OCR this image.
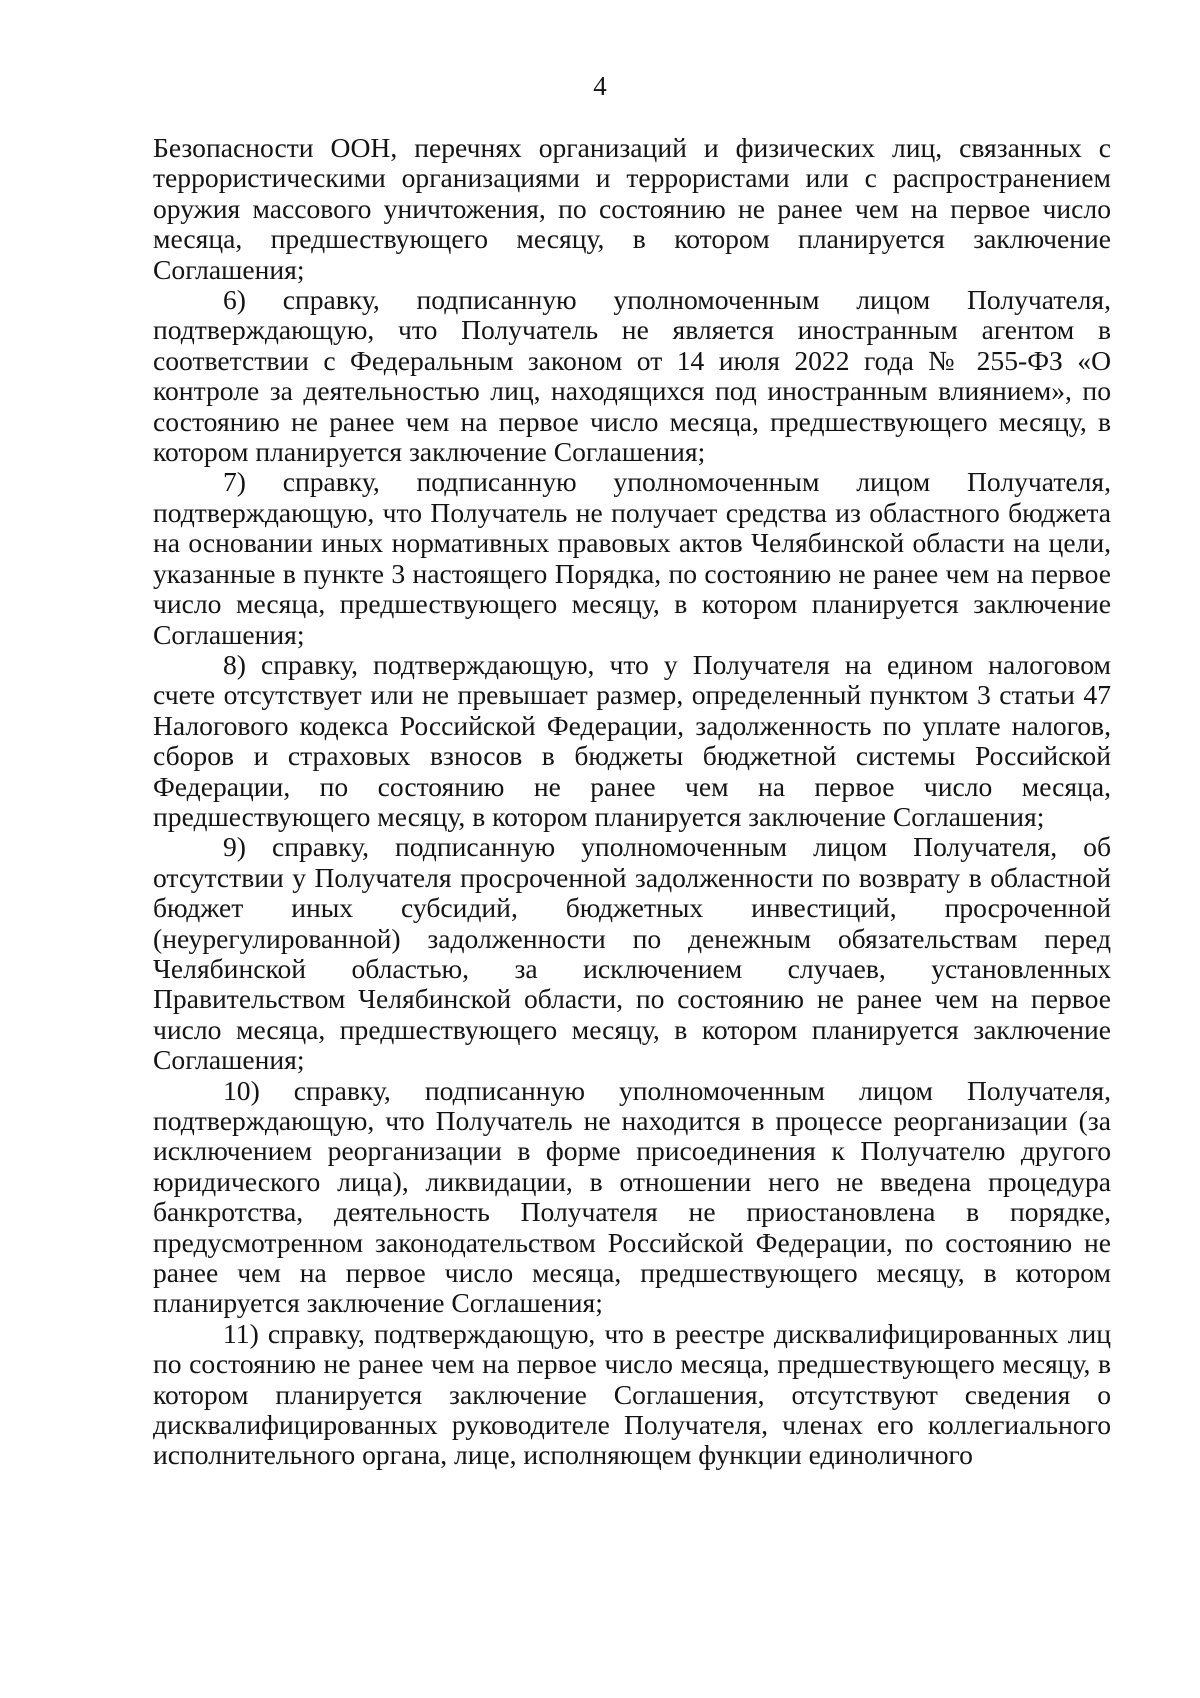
4

Безопасности ООН, перечнях организаций и физических лиц, связанных с террористическими организациями и террористами или с распространением оружия массового уничтожения, по состоянию не ранее чем на первое число месяца, предшествующего месяцу, в котором планируется заключение Соглашения;

6) справку, подписанную уполномоченным лицом Получателя, подтверждающую, что Получатель не является иностранным агентом в соответствии с Федеральным законом от 14 июля 2022 года № 255-ФЗ «О контроле за деятельностью лиц, находящихся под иностранным влиянием», по состоянию не ранее чем на первое число месяца, предшествующего месяцу, в котором планируется заключение Соглашения;

7) справку, подписанную уполномоченным лицом Получателя, подтверждающую, что Получатель не получает средства из областного бюджета на основании иных нормативных правовых актов Челябинской области на цели, указанные в пункте 3 настоящего Порядка, по состоянию не ранее чем на первое число месяца, предшествующего месяцу, в котором планируется заключение Соглашения;

8) справку, подтверждающую, что у Получателя на едином налоговом счете отсутствует или не превышает размер, определенный пунктом 3 статьи 47 Налогового кодекса Российской Федерации, задолженность по уплате налогов, сборов и страховых взносов в бюджеты бюджетной системы Российской Федерации, по состоянию не ранее чем на первое число месяца, предшествующего месяцу, в котором планируется заключение Соглашения;

9) справку, подписанную уполномоченным лицом Получателя, об отсутствии у Получателя просроченной задолженности по возврату в областной бюджет иных субсидий, бюджетных инвестиций, просроченной (неурегулированной) задолженности по денежным обязательствам перед Челябинской областью, за исключением случаев, установленных Правительством Челябинской области, по состоянию не ранее чем на первое число месяца, предшествующего месяцу, в котором планируется заключение Соглашения;

10) справку, подписанную уполномоченным лицом Получателя, подтверждающую, что Получатель не находится в процессе реорганизации (за исключением реорганизации в форме присоединения к Получателю другого юридического лица), ликвидации, в отношении него не введена процедура банкротства, деятельность Получателя не приостановлена в порядке, предусмотренном законодательством Российской Федерации, по состоянию не ранее чем на первое число месяца, предшествующего месяцу, в котором планируется заключение Соглашения;

11) справку, подтверждающую, что в реестре дисквалифицированных лиц по состоянию не ранее чем на первое число месяца, предшествующего месяцу, в котором планируется заключение Соглашения, отсутствуют сведения о дисквалифицированных руководителе Получателя, членах его коллегиального исполнительного органа, лице, исполняющем функции единоличного
